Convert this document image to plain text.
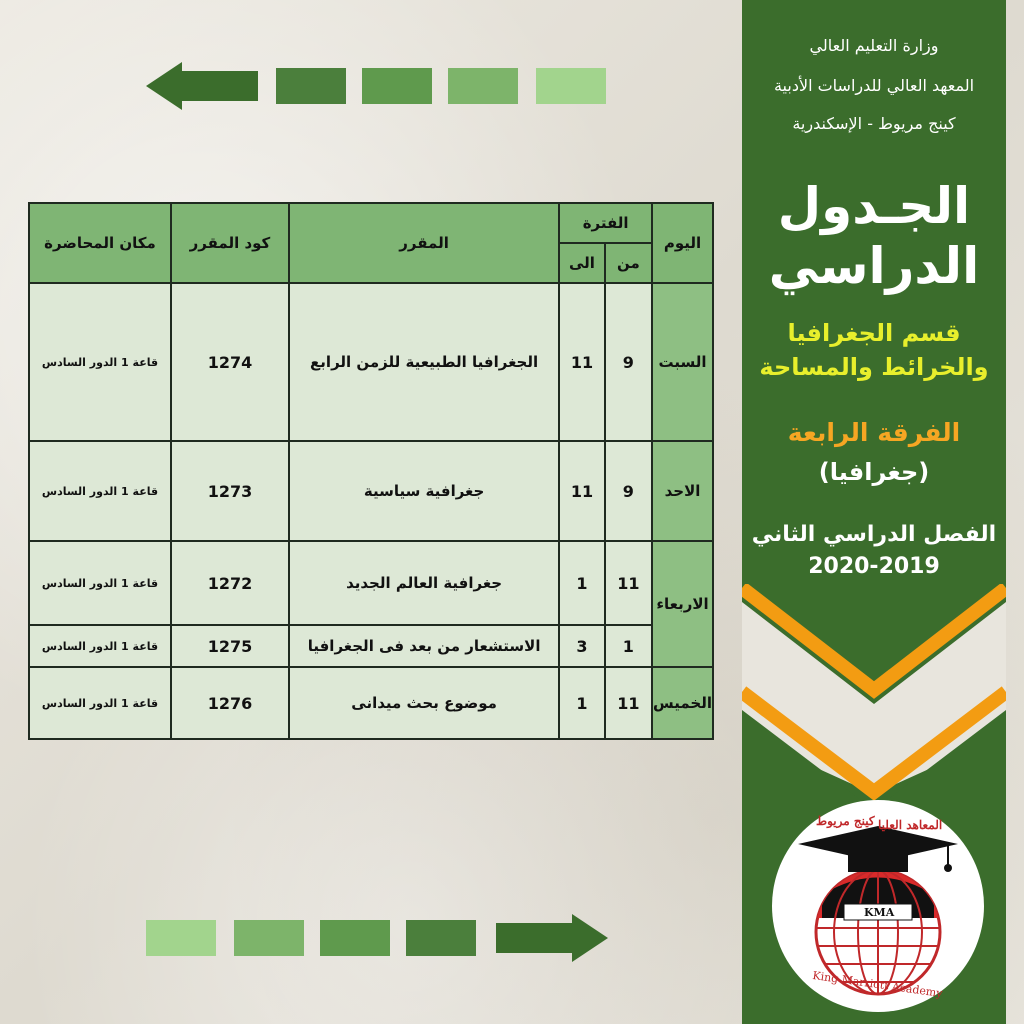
اليوم	الفترة		المقرر	كود المقرر	مكان المحاضرة
	من	الى			
السبت	9	11	الجغرافيا الطبيعية للزمن الرابع	1274	قاعة 1 الدور السادس
الاحد	9	11	جغرافية سياسية	1273	قاعة 1 الدور السادس
الاربعاء	11	1	جغرافية العالم الجديد	1272	قاعة 1 الدور السادس
	1	3	الاستشعار من بعد فى الجغرافيا	1275	قاعة 1 الدور السادس
الخميس	11	1	موضوع بحث ميدانى	1276	قاعة 1 الدور السادس
وزارة التعليم العالي
المعهد العالي للدراسات الأدبية
كينج مريوط - الإسكندرية
الجـدول
الدراسي
قسم الجغرافيا
والخرائط والمساحة
الفرقة الرابعة
(جغرافيا)
الفصل الدراسي الثاني
2020-2019
المعاهد العليا
كينج مريوط
KMA
King Marriott Academy
